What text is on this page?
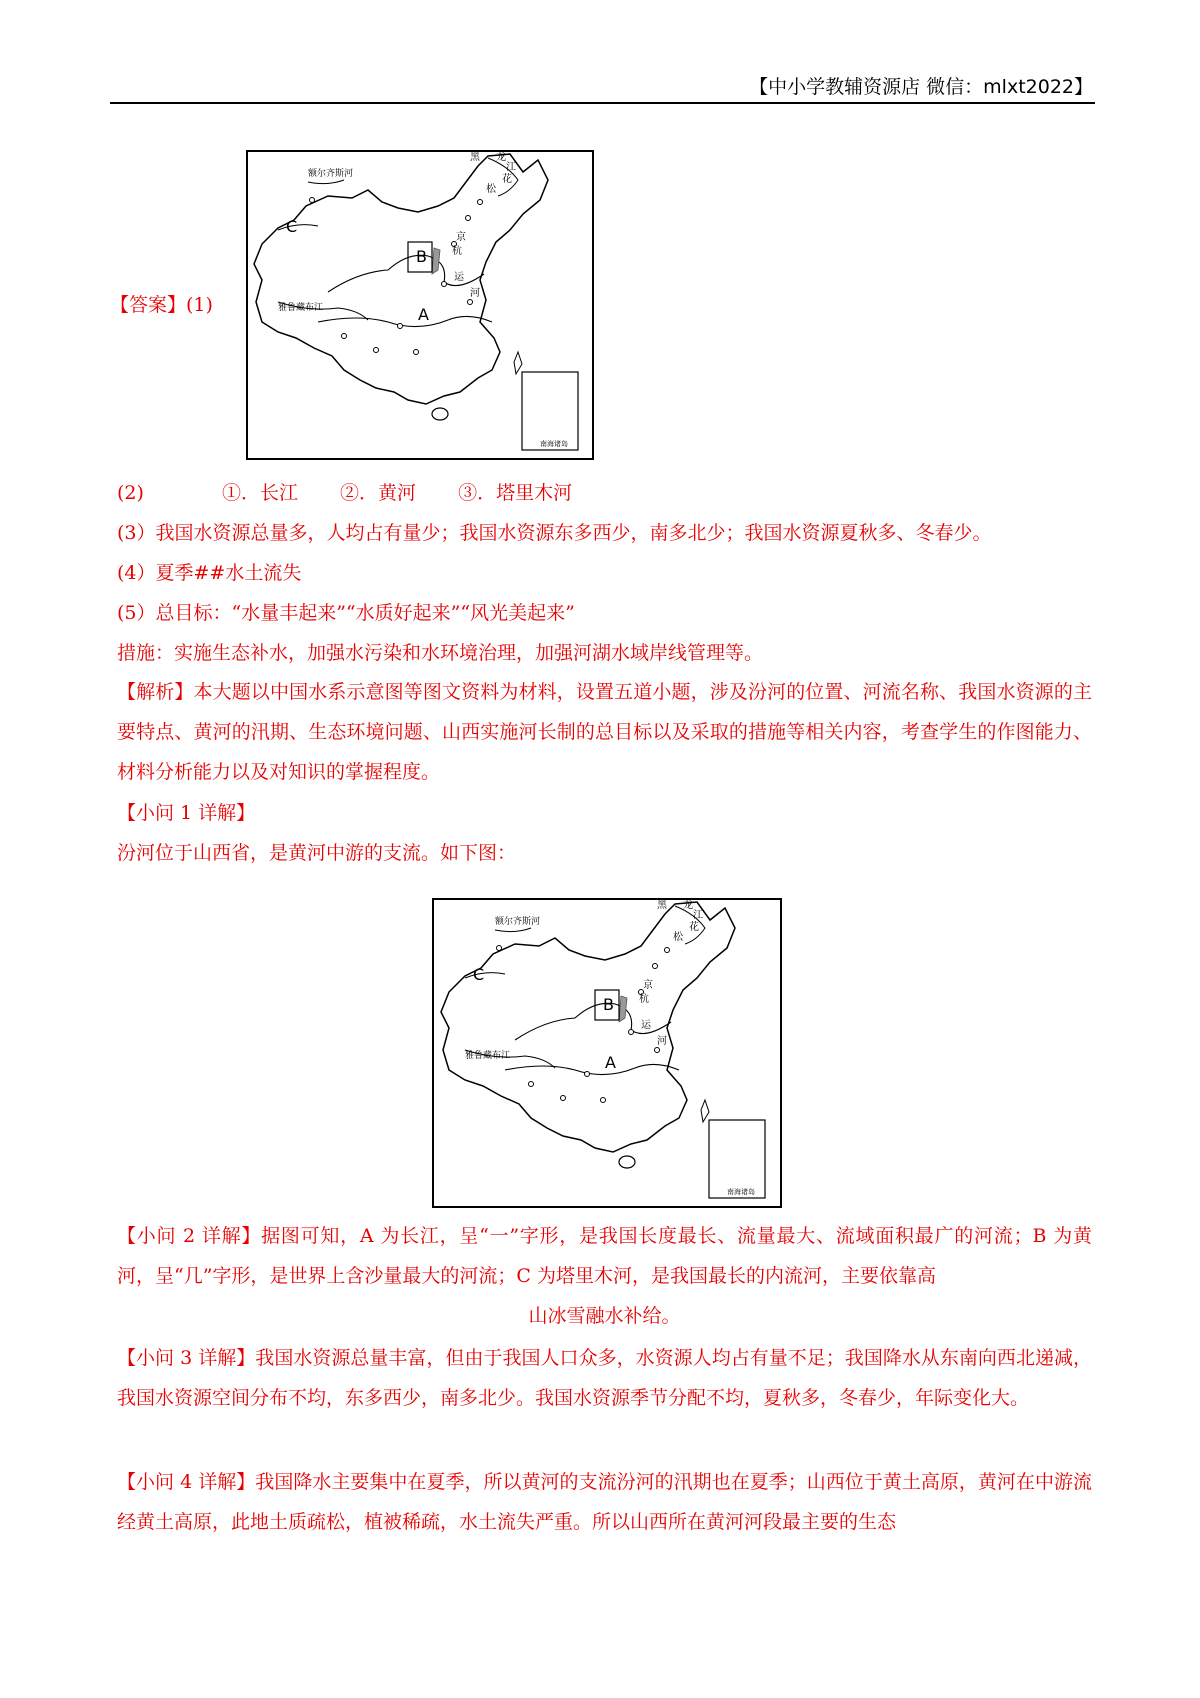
【中小学教辅资源店 微信：mlxt2022】
【答案】(1)
B
A
C
额尔齐斯河
雅鲁藏布江
黑 龙
江
花
松
京
杭
运
河
南海诸岛
(2)	①．长江 ②．黄河 ③．塔里木河
(3）我国水资源总量多，人均占有量少；我国水资源东多西少，南多北少；我国水资源夏秋多、冬春少。
(4）夏季##水土流失
(5）总目标：“水量丰起来”“水质好起来”“风光美起来”
措施：实施生态补水，加强水污染和水环境治理，加强河湖水域岸线管理等。
【解析】本大题以中国水系示意图等图文资料为材料，设置五道小题，涉及汾河的位置、河流名称、我国水资源的主要特点、黄河的汛期、生态环境问题、山西实施河长制的总目标以及采取的措施等相关内容，考查学生的作图能力、材料分析能力以及对知识的掌握程度。
【小问 1 详解】
汾河位于山西省，是黄河中游的支流。如下图：
B
A
C
额尔齐斯河
雅鲁藏布江
黑 龙
江
花
松
京
杭
运
河
南海诸岛
【小问 2 详解】据图可知，A 为长江，呈“一”字形，是我国长度最长、流量最大、流域面积最广的河流；B 为黄河，呈“几”字形，是世界上含沙量最大的河流；C 为塔里木河，是我国最长的内流河，主要依靠高
山冰雪融水补给。
【小问 3 详解】我国水资源总量丰富，但由于我国人口众多，水资源人均占有量不足；我国降水从东南向西北递减，我国水资源空间分布不均，东多西少，南多北少。我国水资源季节分配不均，夏秋多，冬春少，年际变化大。
【小问 4 详解】我国降水主要集中在夏季，所以黄河的支流汾河的汛期也在夏季；山西位于黄土高原，黄河在中游流经黄土高原，此地土质疏松，植被稀疏，水土流失严重。所以山西所在黄河河段最主要的生态
